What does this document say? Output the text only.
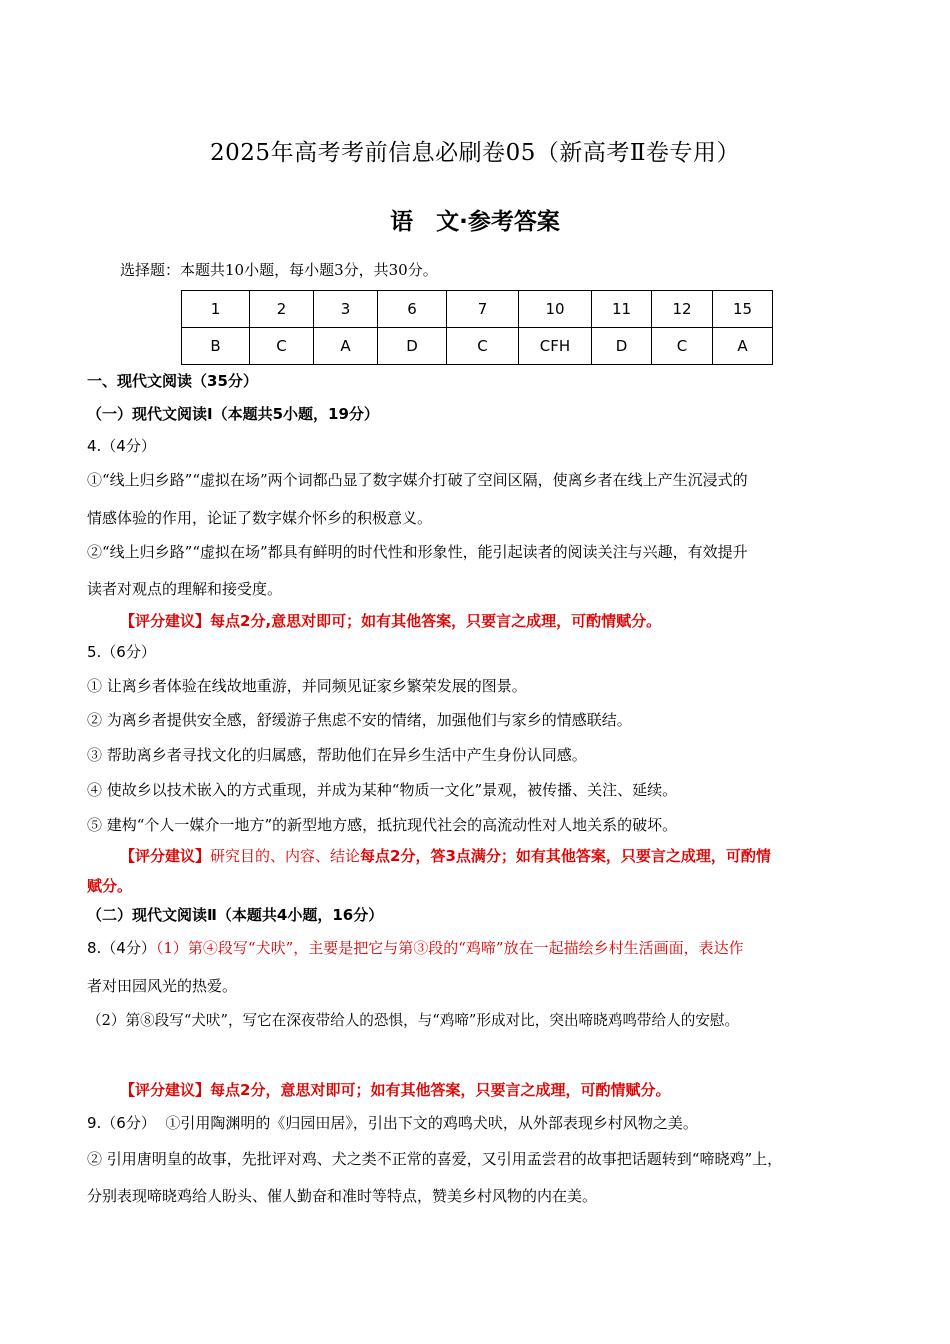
2025年高考考前信息必刷卷05（新高考Ⅱ卷专用）
语　文·参考答案
选择题：本题共10小题，每小题3分，共30分。
1	2	3	6	7	10	11	12	15
B	C	A	D	C	CFH	D	C	A
一、现代文阅读（35分）
（一）现代文阅读Ⅰ（本题共5小题，19分）
4.（4分）
①“线上归乡路”“虚拟在场”两个词都凸显了数字媒介打破了空间区隔，使离乡者在线上产生沉浸式的
情感体验的作用，论证了数字媒介怀乡的积极意义。
②“线上归乡路”“虚拟在场”都具有鲜明的时代性和形象性，能引起读者的阅读关注与兴趣，有效提升
读者对观点的理解和接受度。
【评分建议】每点2分,意思对即可；如有其他答案，只要言之成理，可酌情赋分。
5.（6分）
① 让离乡者体验在线故地重游，并同频见证家乡繁荣发展的图景。
② 为离乡者提供安全感，舒缓游子焦虑不安的情绪，加强他们与家乡的情感联结。
③ 帮助离乡者寻找文化的归属感，帮助他们在异乡生活中产生身份认同感。
④ 使故乡以技术嵌入的方式重现，并成为某种“物质一文化”景观，被传播、关注、延续。
⑤ 建构“个人一媒介一地方”的新型地方感，抵抗现代社会的高流动性对人地关系的破坏。
【评分建议】研究目的、内容、结论每点2分，答3点满分；如有其他答案，只要言之成理，可酌情
赋分。
（二）现代文阅读Ⅱ（本题共4小题，16分）
8.（4分）（1）第④段写“犬吠”，主要是把它与第③段的“鸡啼”放在一起描绘乡村生活画面，表达作
者对田园风光的热爱。
（2）第⑧段写“犬吠”，写它在深夜带给人的恐惧，与“鸡啼”形成对比，突出啼晓鸡鸣带给人的安慰。
【评分建议】每点2分，意思对即可；如有其他答案，只要言之成理，可酌情赋分。
9.（6分） ①引用陶渊明的《归园田居》，引出下文的鸡鸣犬吠，从外部表现乡村风物之美。
② 引用唐明皇的故事，先批评对鸡、犬之类不正常的喜爱，又引用孟尝君的故事把话题转到“啼晓鸡”上，
分别表现啼晓鸡给人盼头、催人勤奋和准时等特点，赞美乡村风物的内在美。
